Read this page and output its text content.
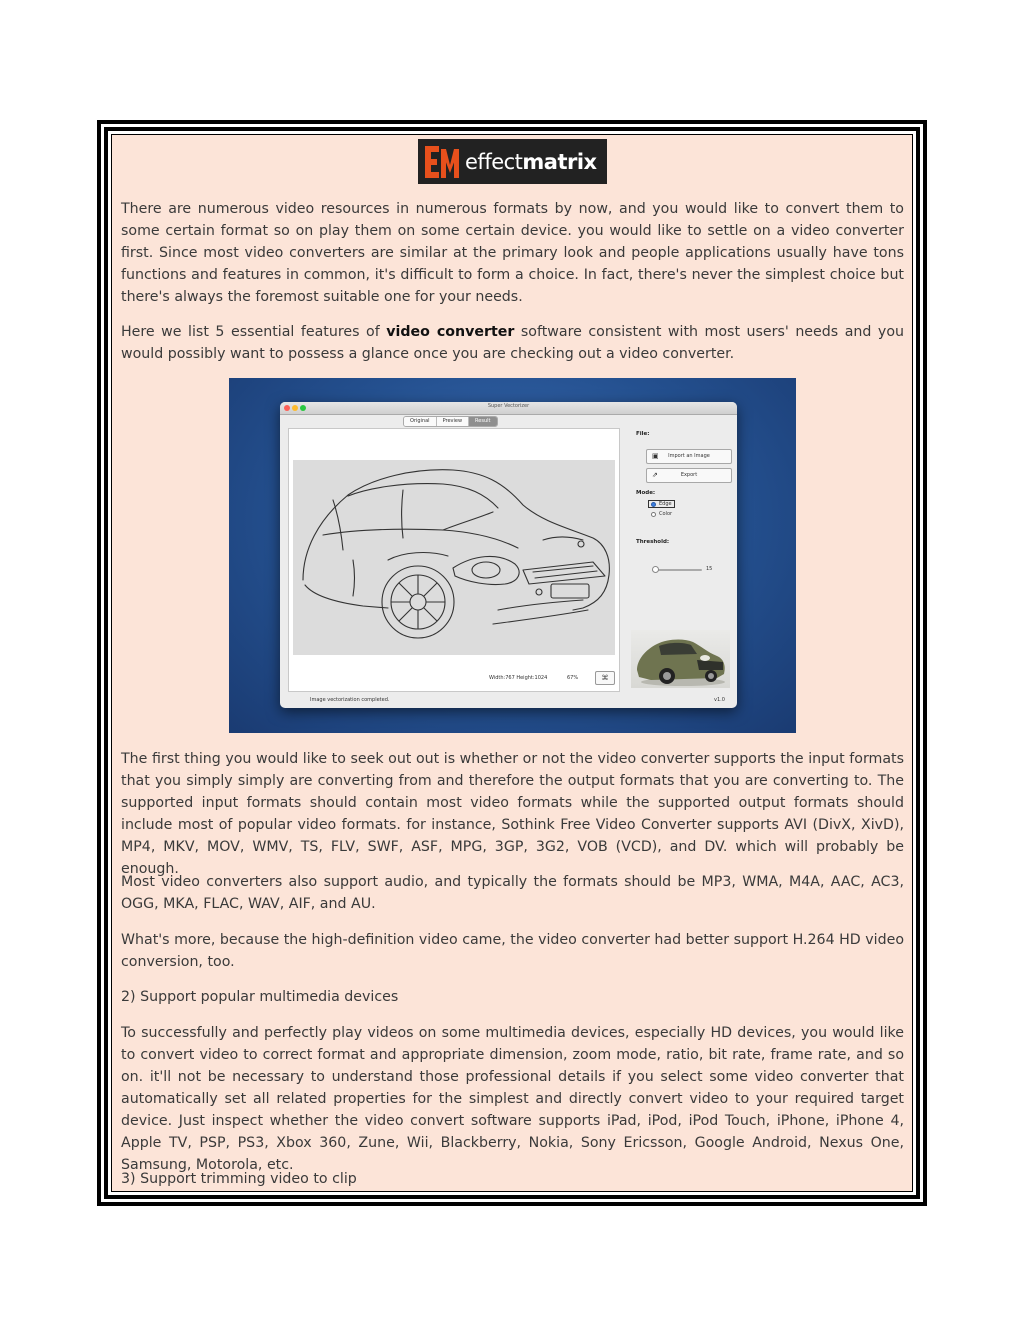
effectmatrix

There are numerous video resources in numerous formats by now, and you would like to convert them to some certain format so on play them on some certain device. you would like to settle on a video converter first. Since most video converters are similar at the primary look and people applications usually have tons functions and features in common, it's difficult to form a choice. In fact, there's never the simplest choice but there's always the foremost suitable one for your needs.

Here we list 5 essential features of video converter software consistent with most users' needs and you would possibly want to possess a glance once you are checking out a video converter.

Super Vectorizer
Original	Preview	Result
Width:767 Height:1024	67%	⌘
File:
▣	Import an Image
⇗	Export
Mode:
Edge
Color
Threshold:
15
Image vectorization completed.	v1.0

The first thing you would like to seek out out is whether or not the video converter supports the input formats that you simply simply are converting from and therefore the output formats that you are converting to. The supported input formats should contain most video formats while the supported output formats should include most of popular video formats. for instance, Sothink Free Video Converter supports AVI (DivX, XivD), MP4, MKV, MOV, WMV, TS, FLV, SWF, ASF, MPG, 3GP, 3G2, VOB (VCD), and DV. which will probably be enough.

Most video converters also support audio, and typically the formats should be MP3, WMA, M4A, AAC, AC3, OGG, MKA, FLAC, WAV, AIF, and AU.

What's more, because the high-definition video came, the video converter had better support H.264 HD video conversion, too.

2) Support popular multimedia devices

To successfully and perfectly play videos on some multimedia devices, especially HD devices, you would like to convert video to correct format and appropriate dimension, zoom mode, ratio, bit rate, frame rate, and so on. it'll not be necessary to understand those professional details if you select some video converter that automatically set all related properties for the simplest and directly convert video to your required target device. Just inspect whether the video convert software supports iPad, iPod, iPod Touch, iPhone, iPhone 4, Apple TV, PSP, PS3, Xbox 360, Zune, Wii, Blackberry, Nokia, Sony Ericsson, Google Android, Nexus One, Samsung, Motorola, etc.

3) Support trimming video to clip
